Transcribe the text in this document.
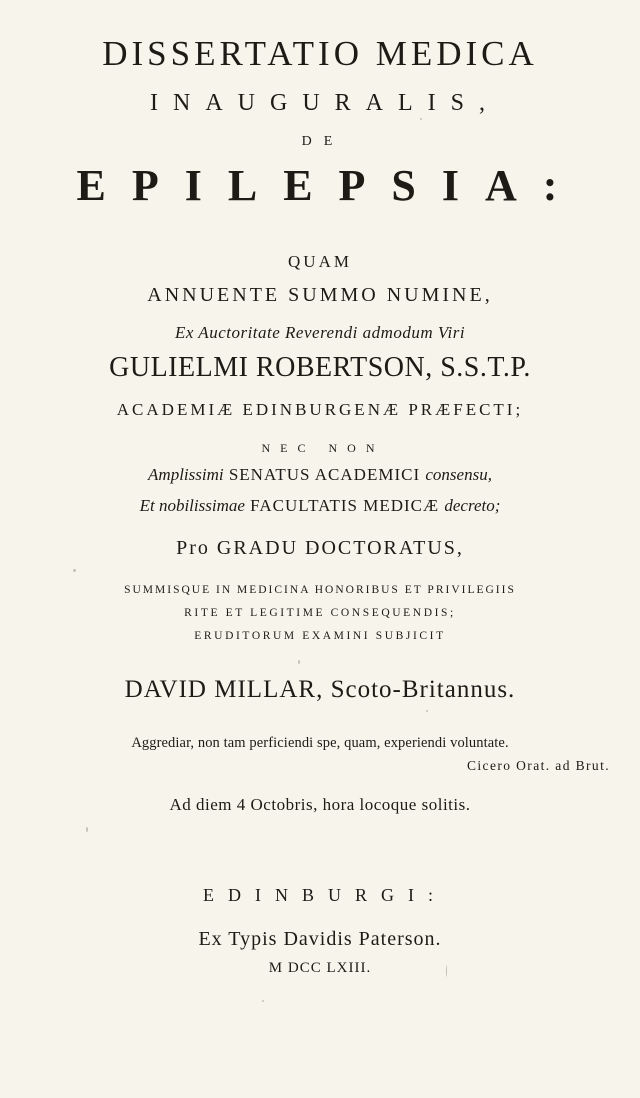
DISSERTATIO MEDICA
INAUGURALIS,
DE
EPILEPSIA:
QUAM
ANNUENTE SUMMO NUMINE,
Ex Auctoritate Reverendi admodum Viri
GULIELMI ROBERTSON, S.S.T.P.
ACADEMIÆ EDINBURGENÆ PRÆFECTI;
NEC NON
Amplissimi SENATUS ACADEMICI consensu,
Et nobilissimae FACULTATIS MEDICÆ decreto;
Pro GRADU DOCTORATUS,
SUMMISQUE IN MEDICINA HONORIBUS ET PRIVILEGIIS
RITE ET LEGITIME CONSEQUENDIS;
ERUDITORUM EXAMINI SUBJICIT
DAVID MILLAR, Scoto-Britannus.
Aggrediar, non tam perficiendi spe, quam, experiendi voluntate.
Cicero Orat. ad Brut.
Ad diem 4 Octobris, hora locoque solitis.
EDINBURGI:
Ex Typis Davidis Paterson.
M DCC LXIII.
